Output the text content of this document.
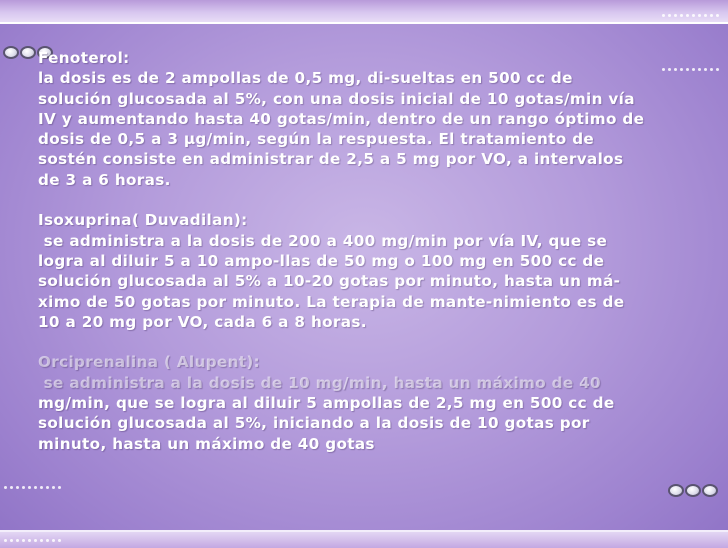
Fenoterol:

la dosis es de 2 ampollas de 0,5 mg, di-sueltas en 500 cc de

solución glucosada al 5%, con una dosis inicial de 10 gotas/min vía

IV y aumentando hasta 40 gotas/min, dentro de un rango óptimo de

dosis de 0,5 a 3 μg/min, según la respuesta. El tratamiento de

sostén consiste en administrar de 2,5 a 5 mg por VO, a intervalos

de 3 a 6 horas.

Isoxuprina( Duvadilan):

se administra a la dosis de 200 a 400 mg/min por vía IV, que se

logra al diluir 5 a 10 ampo-llas de 50 mg o 100 mg en 500 cc de

solución glucosada al 5% a 10-20 gotas por minuto, hasta un má-

ximo de 50 gotas por minuto. La terapia de mante-nimiento es de

10 a 20 mg por VO, cada 6 a 8 horas.

Orciprenalina ( Alupent):

se administra a la dosis de 10 mg/min, hasta un máximo de 40

mg/min, que se logra al diluir 5 ampollas de 2,5 mg en 500 cc de

solución glucosada al 5%, iniciando a la dosis de 10 gotas por

minuto, hasta un máximo de 40 gotas
